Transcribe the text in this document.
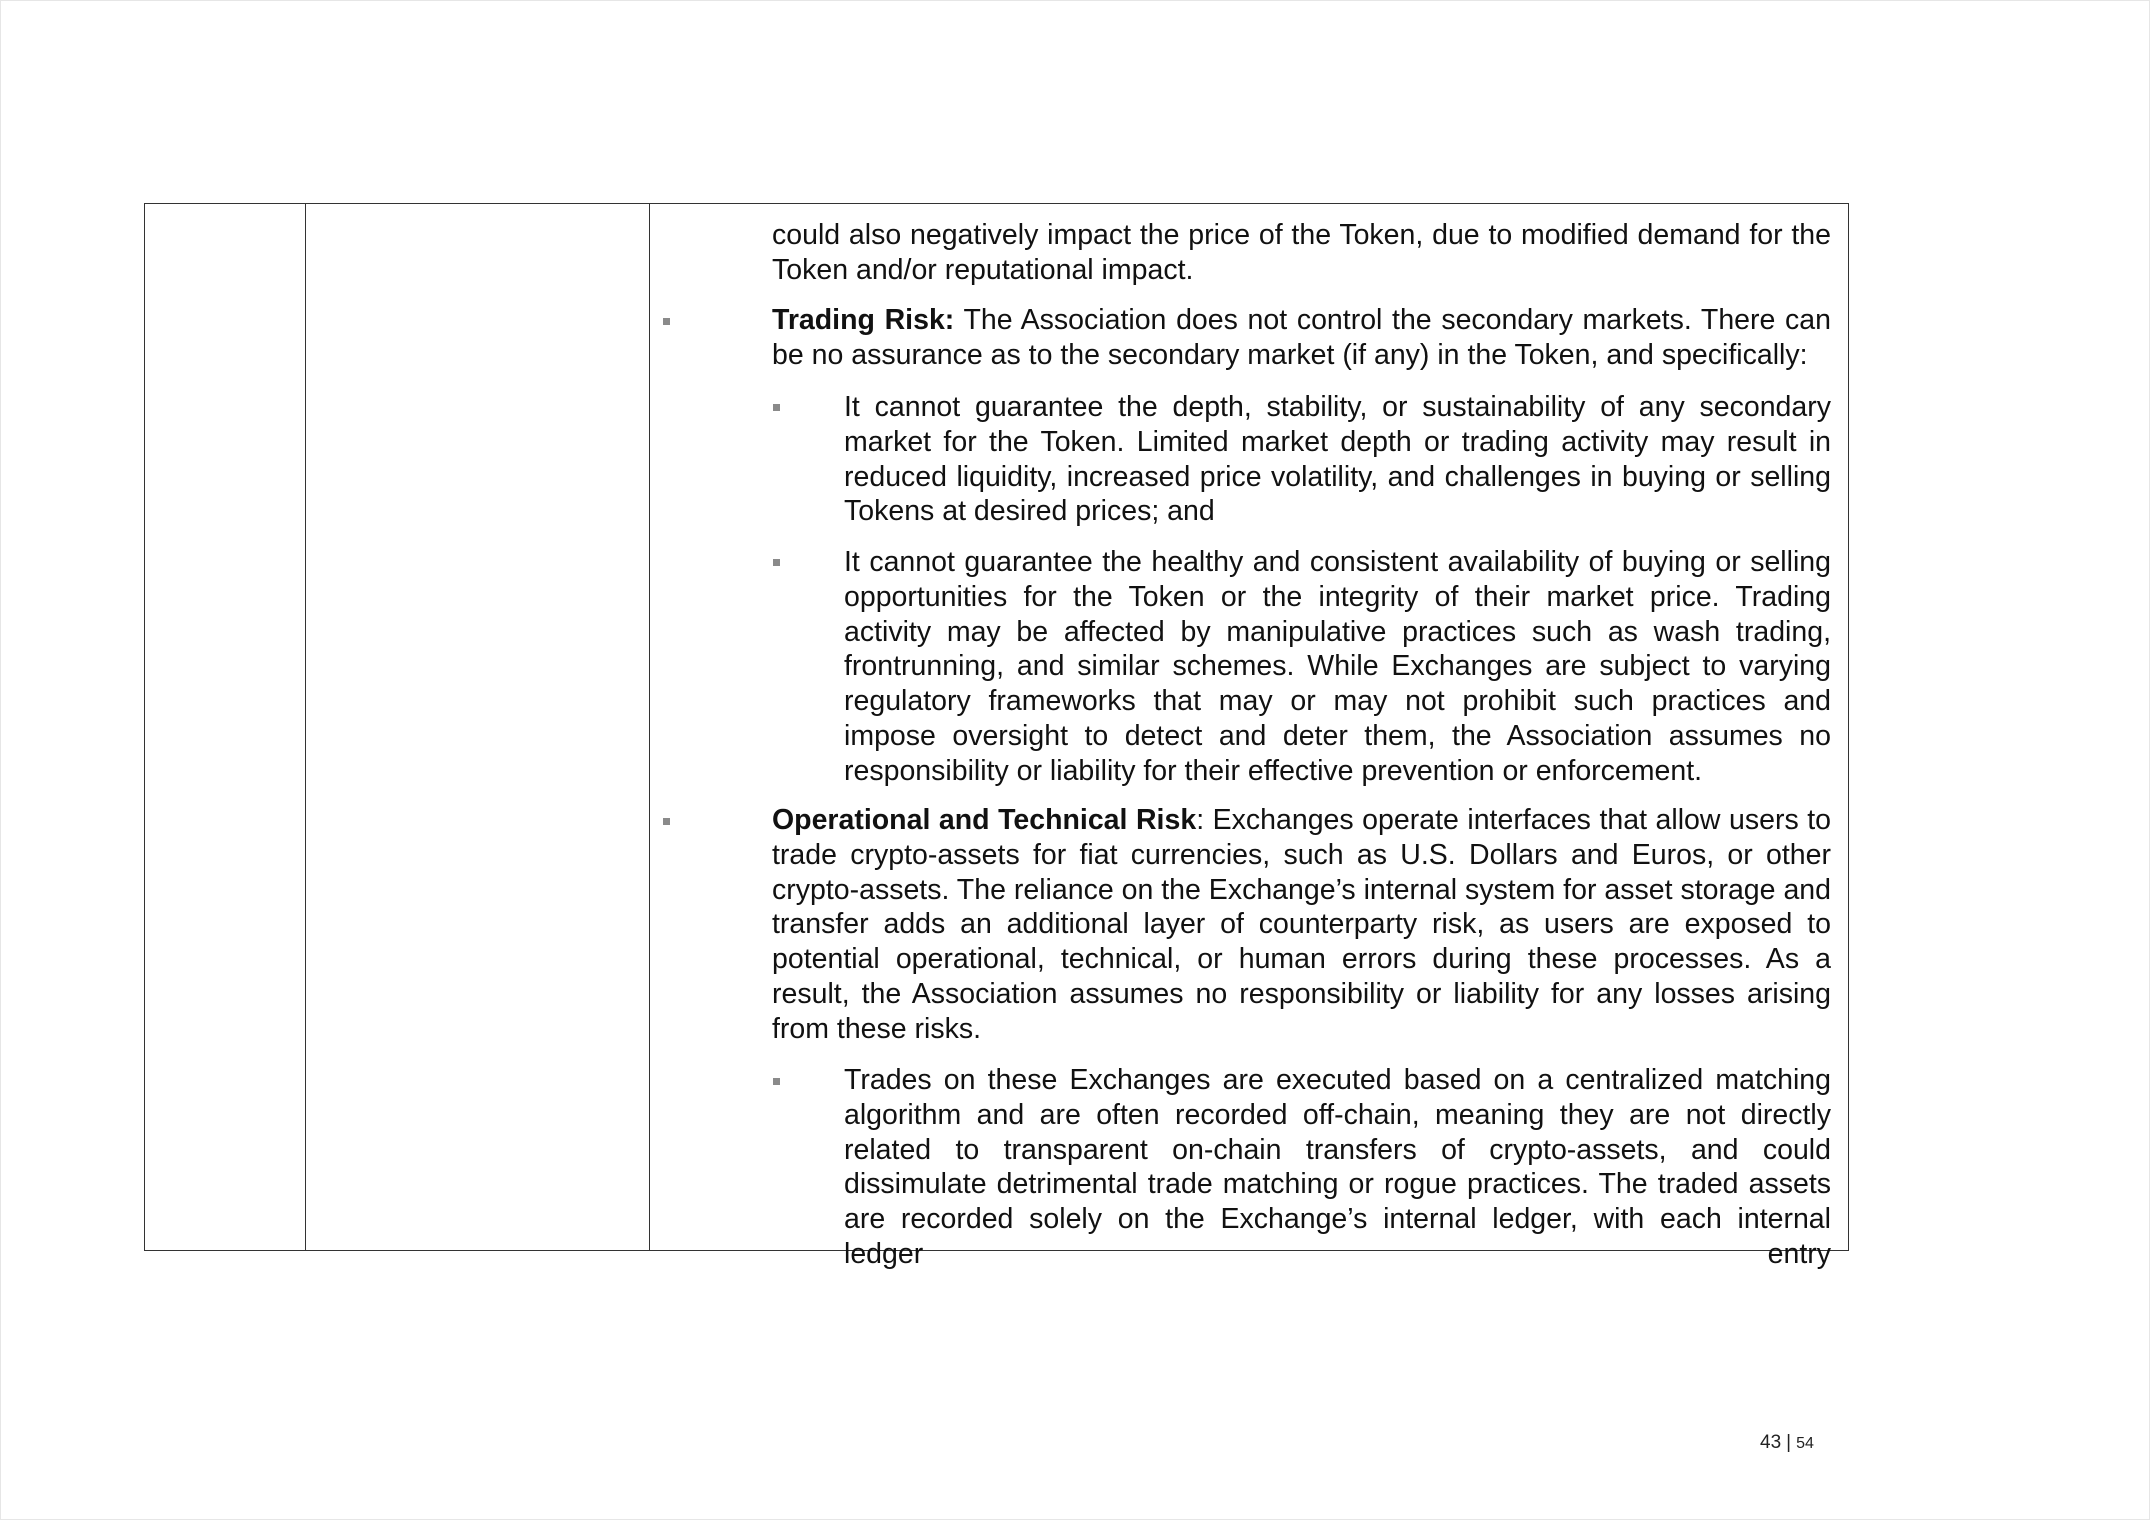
could also negatively impact the price of the Token, due to modified demand for the Token and/or reputational impact.

Trading Risk: The Association does not control the secondary markets. There can be no assurance as to the secondary market (if any) in the Token, and specifically:

It cannot guarantee the depth, stability, or sustainability of any secondary market for the Token. Limited market depth or trading activity may result in reduced liquidity, increased price volatility, and challenges in buying or selling Tokens at desired prices; and

It cannot guarantee the healthy and consistent availability of buying or selling opportunities for the Token or the integrity of their market price. Trading activity may be affected by manipulative practices such as wash trading, frontrunning, and similar schemes. While Exchanges are subject to varying regulatory frameworks that may or may not prohibit such practices and impose oversight to detect and deter them, the Association assumes no responsibility or liability for their effective prevention or enforcement.

Operational and Technical Risk: Exchanges operate interfaces that allow users to trade crypto-assets for fiat currencies, such as U.S. Dollars and Euros, or other crypto-assets. The reliance on the Exchange’s internal system for asset storage and transfer adds an additional layer of counterparty risk, as users are exposed to potential operational, technical, or human errors during these processes. As a result, the Association assumes no responsibility or liability for any losses arising from these risks.

Trades on these Exchanges are executed based on a centralized matching algorithm and are often recorded off-chain, meaning they are not directly related to transparent on-chain transfers of crypto-assets, and could dissimulate detrimental trade matching or rogue practices. The traded assets are recorded solely on the Exchange’s internal ledger, with each internal ledger entry

43 | 54
